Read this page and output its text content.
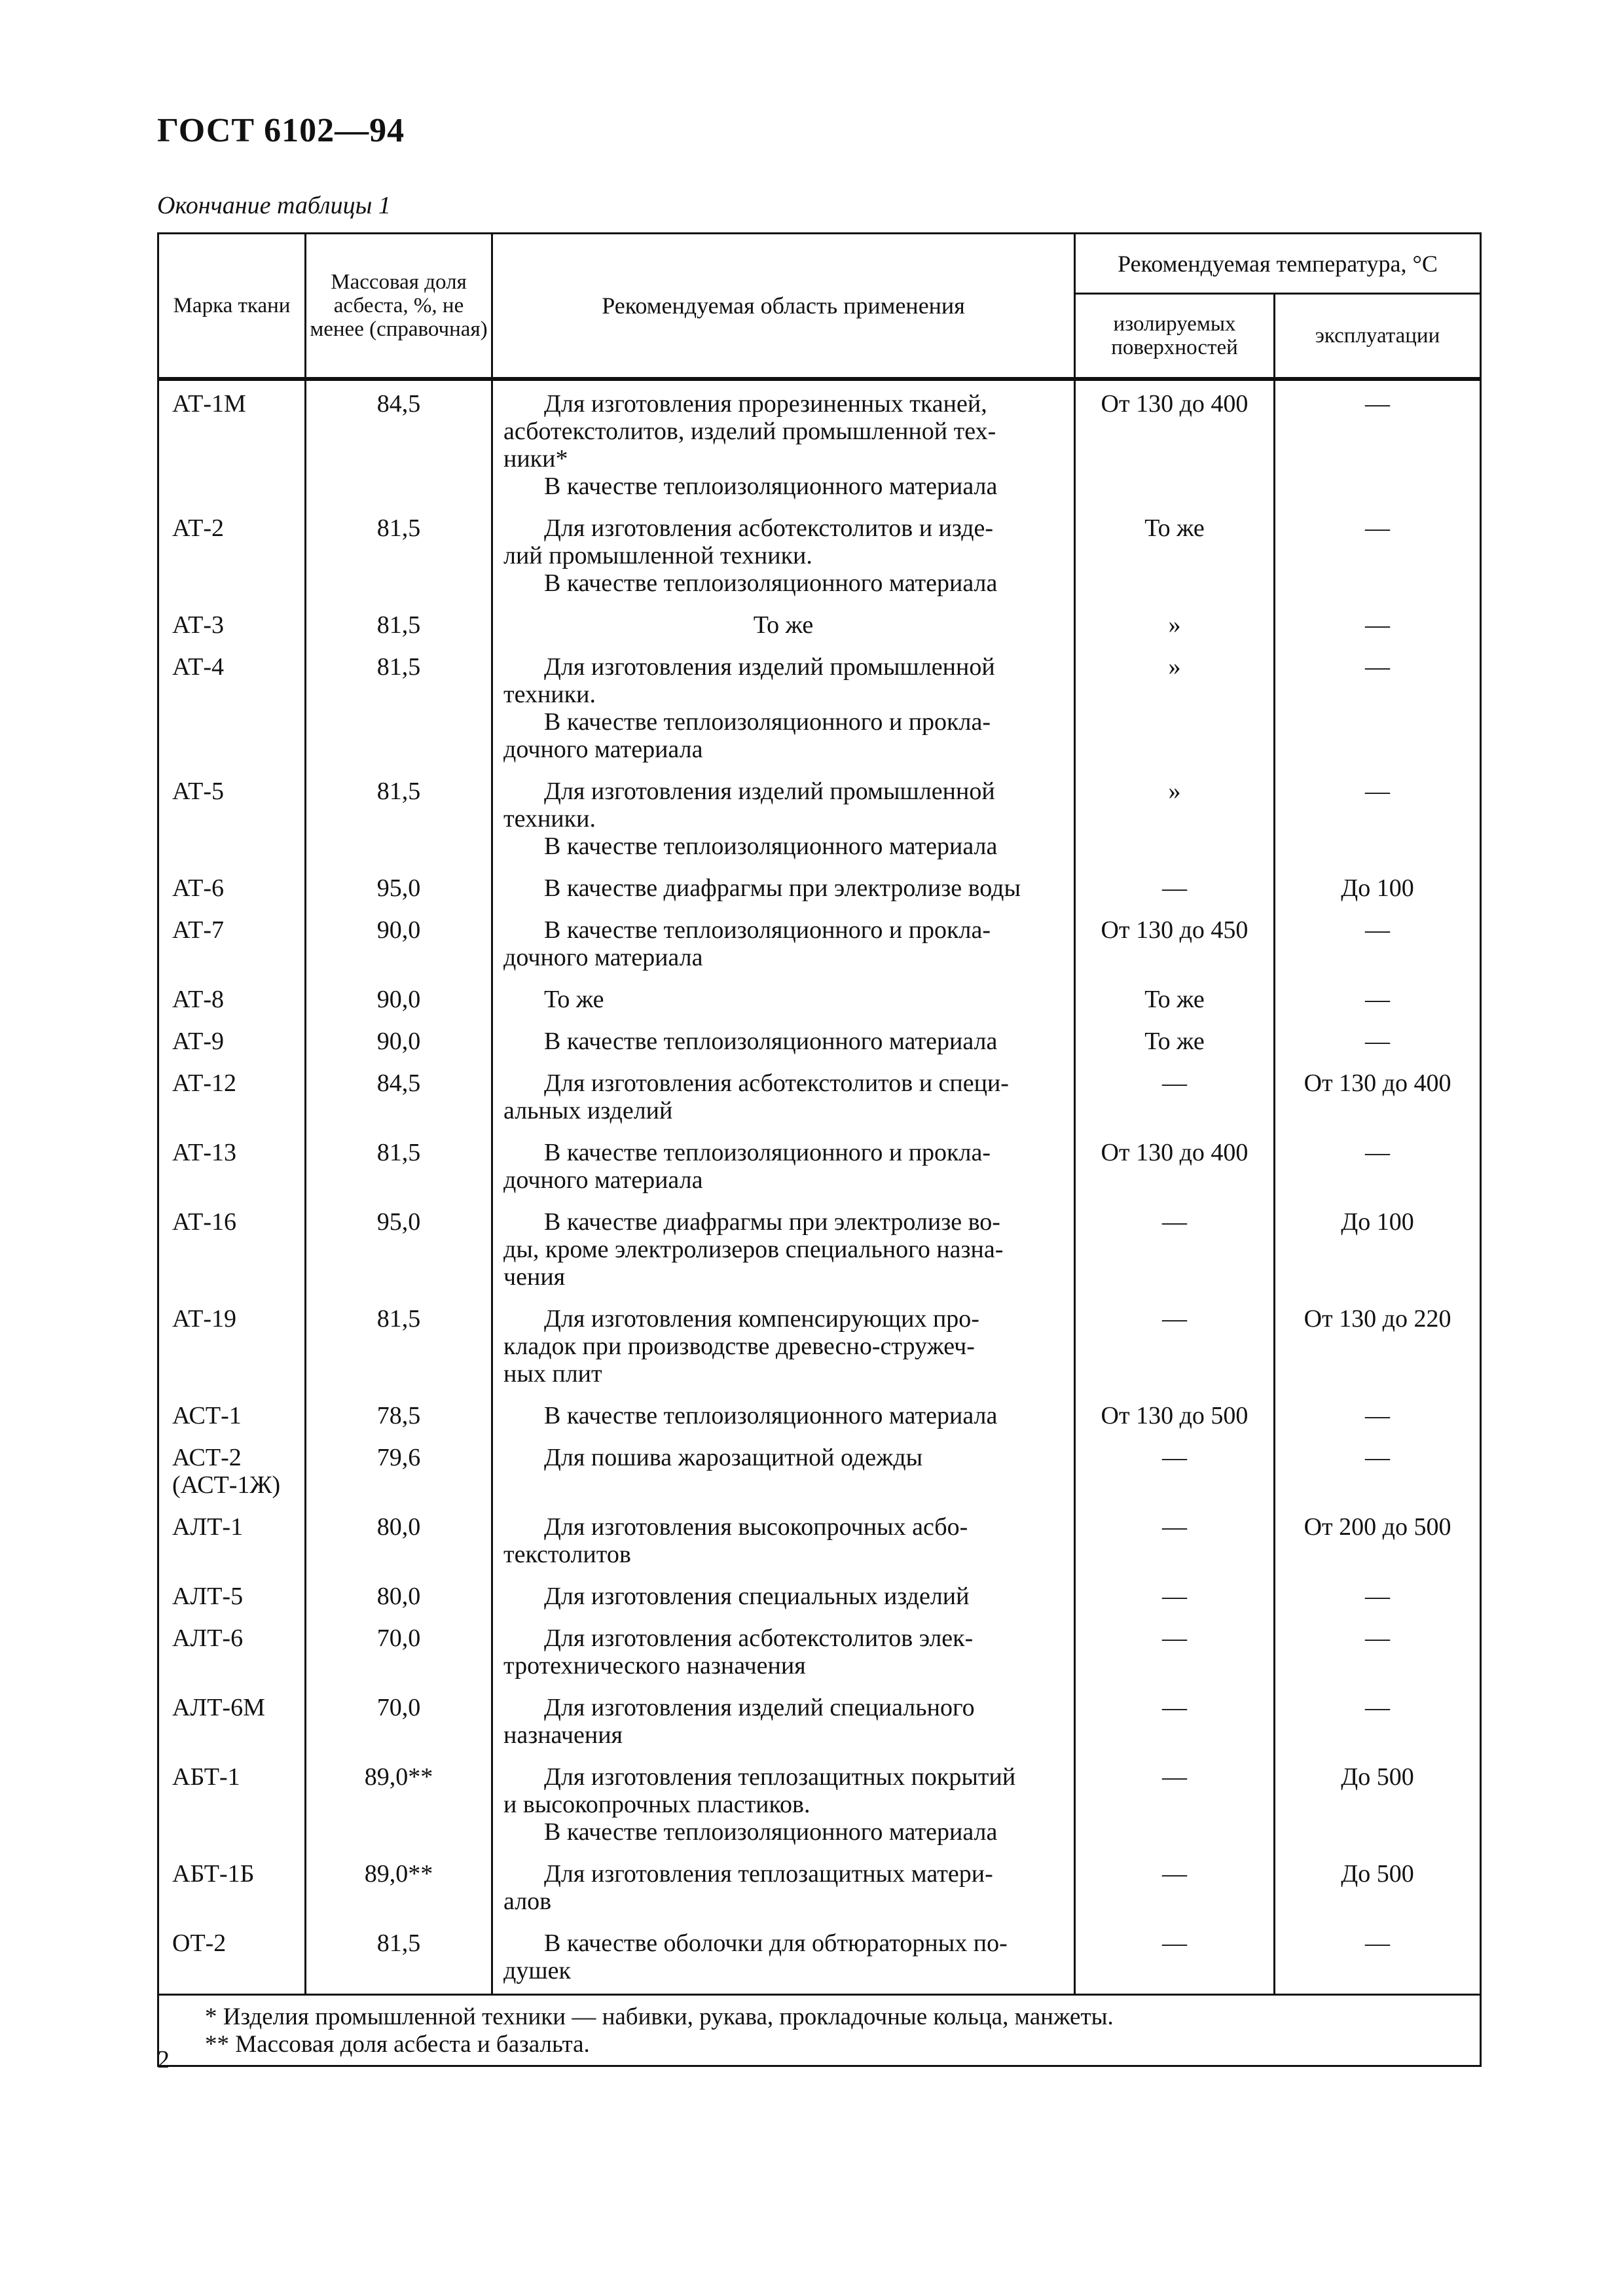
ГОСТ 6102—94
Окончание таблицы 1
Марка ткани	Массовая доля асбеста, %, не менее (справочная)	Рекомендуемая область применения	Рекомендуемая температура, °С	
			изолируемых поверхностей	эксплуатации

АТ-1М	84,5	Для изготовления прорезиненных тканей,
асботекстолитов, изделий промышленной тех-
ники*
В качестве теплоизоляционного материала	От 130 до 400	—

АТ-2	81,5	Для изготовления асботекстолитов и изде-
лий промышленной техники.
В качестве теплоизоляционного материала	То же	—

АТ-3	81,5	То же	»	—

АТ-4	81,5	Для изготовления изделий промышленной
техники.
В качестве теплоизоляционного и прокла-
дочного материала	»	—

АТ-5	81,5	Для изготовления изделий промышленной
техники.
В качестве теплоизоляционного материала	»	—

АТ-6	95,0	В качестве диафрагмы при электролизе воды	—	До 100

АТ-7	90,0	В качестве теплоизоляционного и прокла-
дочного материала	От 130 до 450	—

АТ-8	90,0	То же	То же	—

АТ-9	90,0	В качестве теплоизоляционного материала	То же	—

АТ-12	84,5	Для изготовления асботекстолитов и специ-
альных изделий	—	От 130 до 400

АТ-13	81,5	В качестве теплоизоляционного и прокла-
дочного материала	От 130 до 400	—

АТ-16	95,0	В качестве диафрагмы при электролизе во-
ды, кроме электролизеров специального назна-
чения	—	До 100

АТ-19	81,5	Для изготовления компенсирующих про-
кладок при производстве древесно-стружеч-
ных плит	—	От 130 до 220

АСТ-1	78,5	В качестве теплоизоляционного материала	От 130 до 500	—

АСТ-2
(АСТ-1Ж)	79,6	Для пошива жарозащитной одежды	—	—

АЛТ-1	80,0	Для изготовления высокопрочных асбо-
текстолитов	—	От 200 до 500

АЛТ-5	80,0	Для изготовления специальных изделий	—	—

АЛТ-6	70,0	Для изготовления асботекстолитов элек-
тротехнического назначения	—	—

АЛТ-6М	70,0	Для изготовления изделий специального
назначения	—	—

АБТ-1	89,0**	Для изготовления теплозащитных покрытий
и высокопрочных пластиков.
В качестве теплоизоляционного материала	—	До 500

АБТ-1Б	89,0**	Для изготовления теплозащитных матери-
алов	—	До 500

ОТ-2	81,5	В качестве оболочки для обтюраторных по-
душек	—	—

* Изделия промышленной техники — набивки, рукава, прокладочные кольца, манжеты.
** Массовая доля асбеста и базальта.				
2
